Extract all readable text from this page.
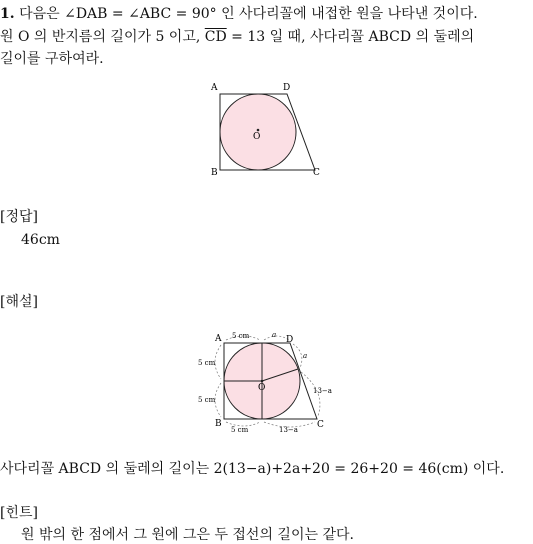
1. 다음은 ∠DAB = ∠ABC = 90° 인 사다리꼴에 내접한 원을 나타낸 것이다.
원 O 의 반지름의 길이가 5 이고, $\overline{CD} = 13$ 일 때, 사다리꼴 ABCD 의 둘레의
길이를 구하여라.
A	D
B	C
O
[정답]
46cm
[해설]
A	D
B	C
O
5 cm	a
5 cm
5 cm
a
13−a
5 cm	13−a
사다리꼴 ABCD 의 둘레의 길이는 2(13−a)+2a+20 = 26+20 = 46(cm) 이다.
[힌트]
원 밖의 한 점에서 그 원에 그은 두 접선의 길이는 같다.
